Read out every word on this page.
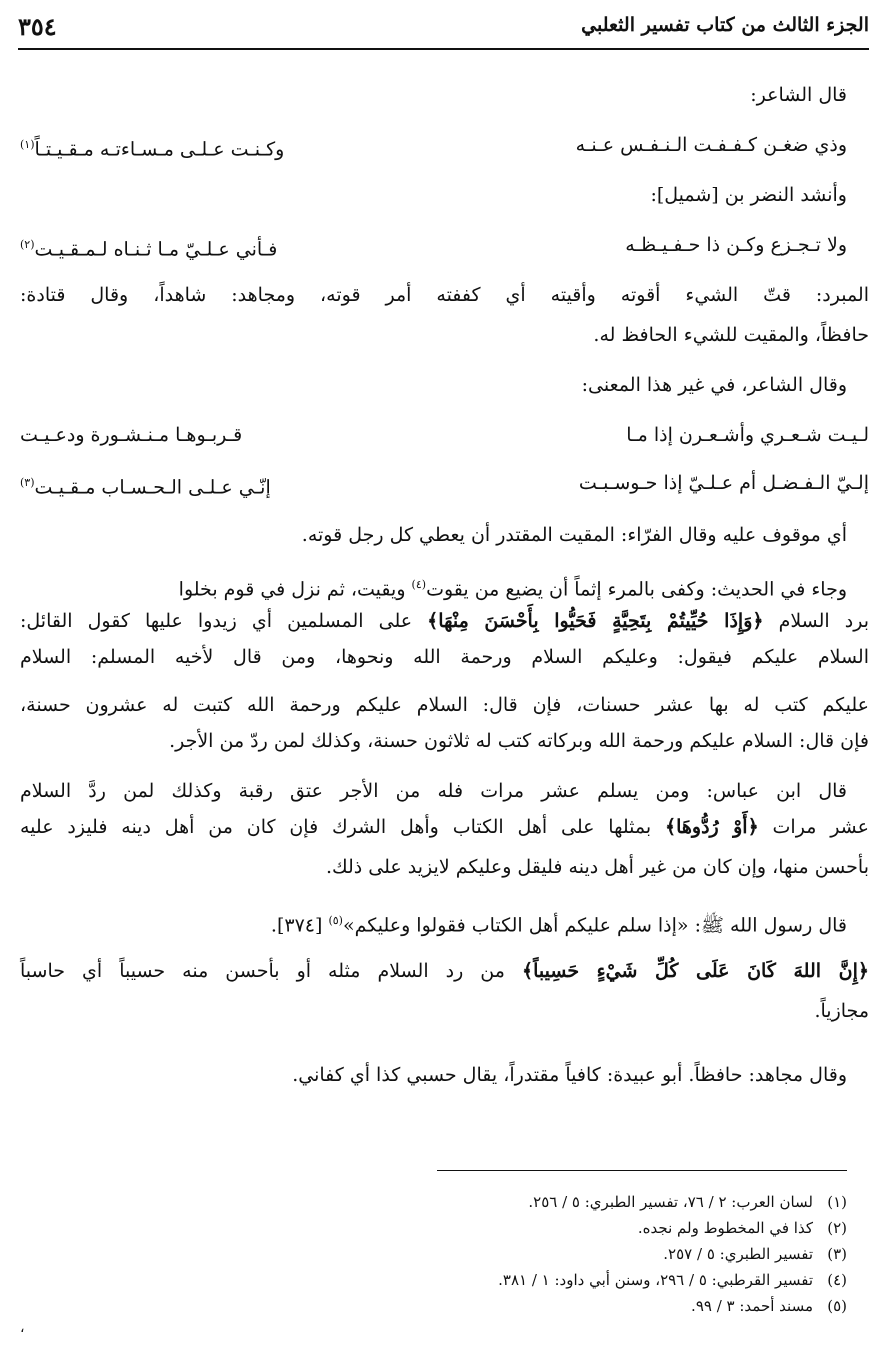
الجزء الثالث من كتاب تفسير الثعلبي
٣٥٤
قال الشاعر:
وذي ضغـن كـفـفـت الـنـفـس عـنـه
وكـنـت عـلـى مـسـاءتـه مـقـيـتـاً$^{(١)}$
وأنشد النضر بن [شميل]:
ولا تـجـزع وكـن ذا حـفـيـظـه
فـأني عـلـيّ مـا ثـنـاه لـمـقـيـت$^{(٢)}$
المبرد: قتّ الشيء أقوته وأقيته أي كففته أمر قوته، ومجاهد: شاهداً، وقال قتادة:
حافظاً، والمقيت للشيء الحافظ له.
وقال الشاعر، في غير هذا المعنى:
لـيـت شـعـري وأشـعـرن إذا مـا
قـربـوهـا مـنـشـورة ودعـيـت
إلـيّ الـفـضـل أم عـلـيّ إذا حـوسـبـت
إنّـي عـلـى الـحـسـاب مـقـيـت$^{(٣)}$
أي موقوف عليه وقال الفرّاء: المقيت المقتدر أن يعطي كل رجل قوته.
وجاء في الحديث: وكفى بالمرء إثماً أن يضيع من يقوت$^{(٤)}$ ويقيت، ثم نزل في قوم بخلوا
برد السلام ﴿وَإِذَا حُيِّيتُمْ بِتَحِيَّةٍ فَحَيُّوا بِأَحْسَنَ مِنْهَا﴾ على المسلمين أي زيدوا عليها كقول القائل:
السلام عليكم فيقول: وعليكم السلام ورحمة الله ونحوها، ومن قال لأخيه المسلم: السلام
عليكم كتب له بها عشر حسنات، فإن قال: السلام عليكم ورحمة الله كتبت له عشرون حسنة،
فإن قال: السلام عليكم ورحمة الله وبركاته كتب له ثلاثون حسنة، وكذلك لمن ردّ من الأجر.
قال ابن عباس: ومن يسلم عشر مرات فله من الأجر عتق رقبة وكذلك لمن ردَّ السلام
عشر مرات ﴿أَوْ رُدُّوهَا﴾ بمثلها على أهل الكتاب وأهل الشرك فإن كان من أهل دينه فليزد عليه
بأحسن منها، وإن كان من غير أهل دينه فليقل وعليكم لايزيد على ذلك.
قال رسول الله ﷺ: «إذا سلم عليكم أهل الكتاب فقولوا وعليكم»$^{(٥)}$ [٣٧٤].
﴿إِنَّ اللهَ كَانَ عَلَى كُلِّ شَيْءٍ حَسِيباً﴾ من رد السلام مثله أو بأحسن منه حسيباً أي حاسباً
مجازياً.
وقال مجاهد: حافظاً. أبو عبيدة: كافياً مقتدراً، يقال حسبي كذا أي كفاني.
(١)لسان العرب: ٢ / ٧٦، تفسير الطبري: ٥ / ٢٥٦.
(٢)كذا في المخطوط ولم نجده.
(٣)تفسير الطبري: ٥ / ٢٥٧.
(٤)تفسير القرطبي: ٥ / ٢٩٦، وسنن أبي داود: ١ / ٣٨١.
(٥)مسند أحمد: ٣ / ٩٩.
،
